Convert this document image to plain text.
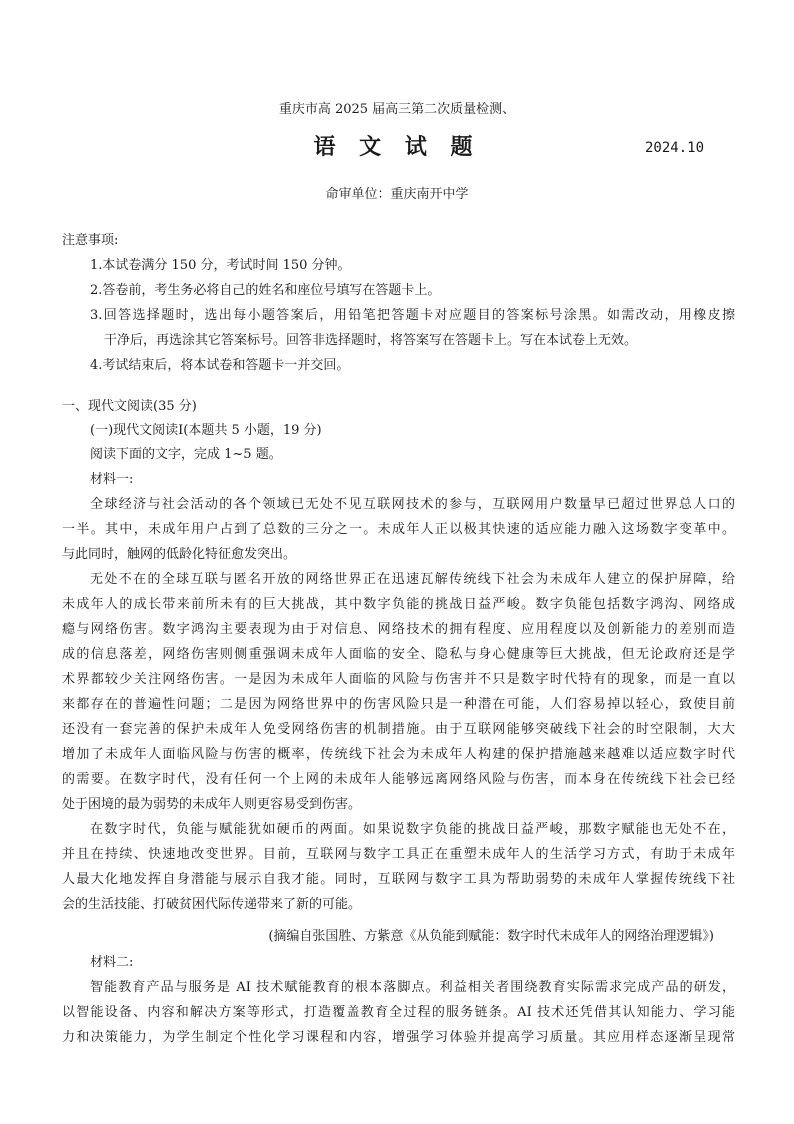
重庆市高 2025 届高三第二次质量检测、
语 文 试 题	2024.10
命审单位：重庆南开中学
注意事项:
1.本试卷满分 150 分，考试时间 150 分钟。
2.答卷前，考生务必将自己的姓名和座位号填写在答题卡上。
3.回答选择题时，选出每小题答案后，用铅笔把答题卡对应题目的答案标号涂黑。如需改动，用橡皮擦
干净后，再选涂其它答案标号。回答非选择题时，将答案写在答题卡上。写在本试卷上无效。
4.考试结束后，将本试卷和答题卡一并交回。
一、现代文阅读(35 分)
(一)现代文阅读Ⅰ(本题共 5 小题，19 分)
阅读下面的文字，完成 1~5 题。
材料一:
全球经济与社会活动的各个领域已无处不见互联网技术的参与，互联网用户数量早已超过世界总人口的
一半。其中，未成年用户占到了总数的三分之一。未成年人正以极其快速的适应能力融入这场数字变革中。
与此同时，触网的低龄化特征愈发突出。
无处不在的全球互联与匿名开放的网络世界正在迅速瓦解传统线下社会为未成年人建立的保护屏障，给
未成年人的成长带来前所未有的巨大挑战，其中数字负能的挑战日益严峻。数字负能包括数字鸿沟、网络成
瘾与网络伤害。数字鸿沟主要表现为由于对信息、网络技术的拥有程度、应用程度以及创新能力的差别而造
成的信息落差，网络伤害则侧重强调未成年人面临的安全、隐私与身心健康等巨大挑战，但无论政府还是学
术界都较少关注网络伤害。一是因为未成年人面临的风险与伤害并不只是数字时代特有的现象，而是一直以
来都存在的普遍性问题；二是因为网络世界中的伤害风险只是一种潜在可能，人们容易掉以轻心，致使目前
还没有一套完善的保护未成年人免受网络伤害的机制措施。由于互联网能够突破线下社会的时空限制，大大
增加了未成年人面临风险与伤害的概率，传统线下社会为未成年人构建的保护措施越来越难以适应数字时代
的需要。在数字时代，没有任何一个上网的未成年人能够远离网络风险与伤害，而本身在传统线下社会已经
处于困境的最为弱势的未成年人则更容易受到伤害。
在数字时代，负能与赋能犹如硬币的两面。如果说数字负能的挑战日益严峻，那数字赋能也无处不在，
并且在持续、快速地改变世界。目前，互联网与数字工具正在重塑未成年人的生活学习方式，有助于未成年
人最大化地发挥自身潜能与展示自我才能。同时，互联网与数字工具为帮助弱势的未成年人掌握传统线下社
会的生活技能、打破贫困代际传递带来了新的可能。
(摘编自张国胜、方紫意《从负能到赋能：数字时代未成年人的网络治理逻辑》)
材料二:
智能教育产品与服务是 AI 技术赋能教育的根本落脚点。利益相关者围绕教育实际需求完成产品的研发，
以智能设备、内容和解决方案等形式，打造覆盖教育全过程的服务链条。AI 技术还凭借其认知能力、学习能
力和决策能力，为学生制定个性化学习课程和内容，增强学习体验并提高学习质量。其应用样态逐渐呈现常
